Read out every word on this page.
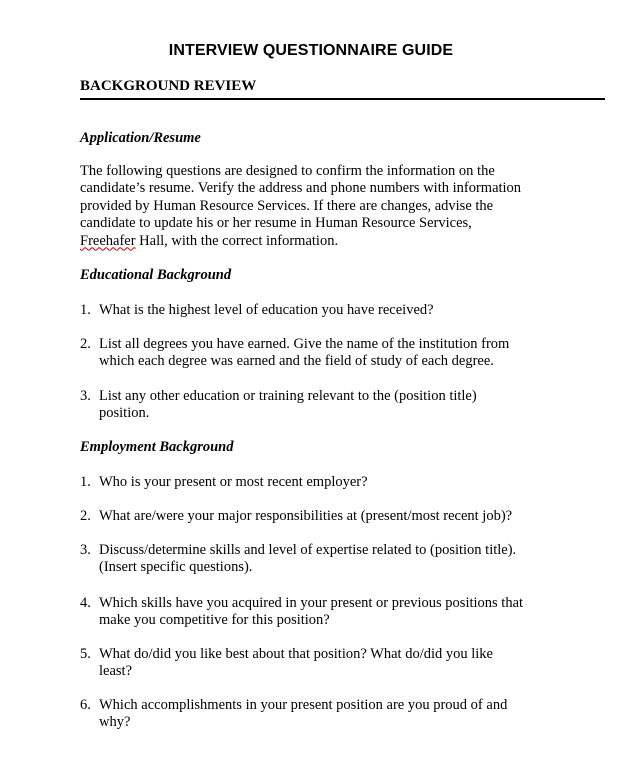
INTERVIEW QUESTIONNAIRE GUIDE
BACKGROUND REVIEW
Application/Resume
The following questions are designed to confirm the information on the
candidate’s resume. Verify the address and phone numbers with information
provided by Human Resource Services. If there are changes, advise the
candidate to update his or her resume in Human Resource Services,
Freehafer Hall, with the correct information.
Educational Background
1. What is the highest level of education you have received?
2. List all degrees you have earned. Give the name of the institution from
which each degree was earned and the field of study of each degree.
3. List any other education or training relevant to the (position title)
position.
Employment Background
1. Who is your present or most recent employer?
2. What are/were your major responsibilities at (present/most recent job)?
3. Discuss/determine skills and level of expertise related to (position title).
(Insert specific questions).
4. Which skills have you acquired in your present or previous positions that
make you competitive for this position?
5. What do/did you like best about that position? What do/did you like
least?
6. Which accomplishments in your present position are you proud of and
why?
